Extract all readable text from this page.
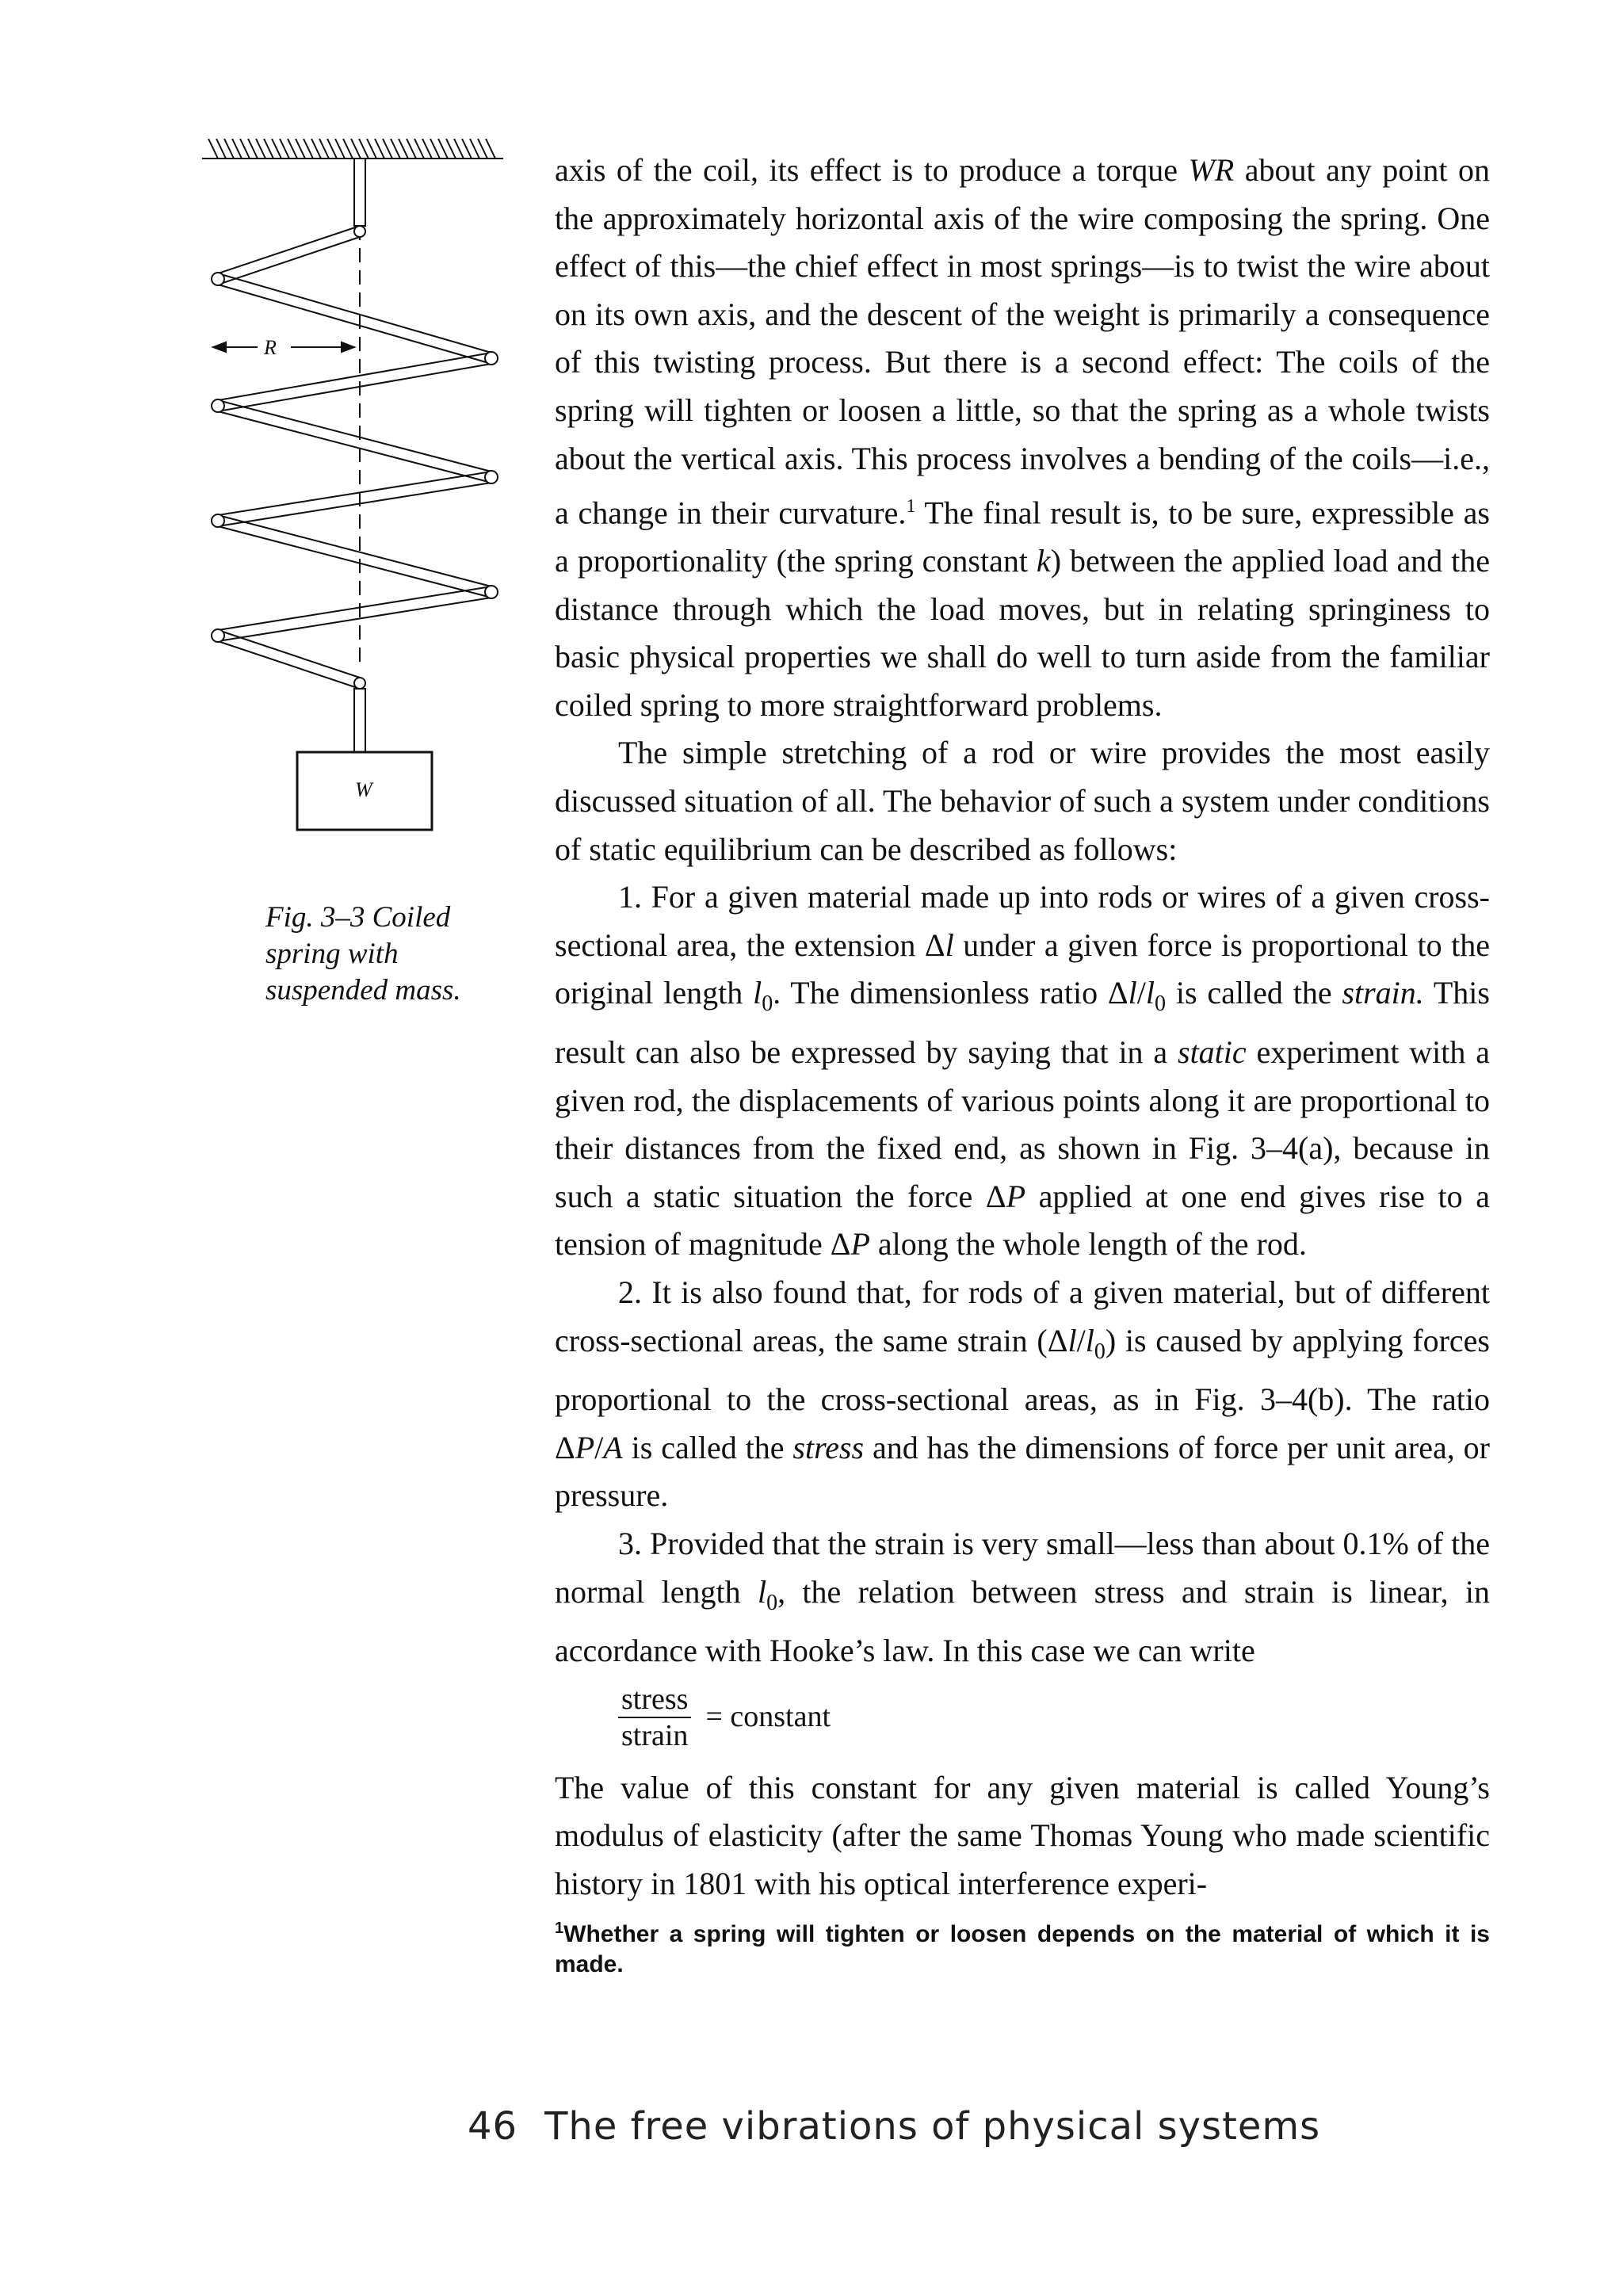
R
W
Fig. 3–3 Coiled spring with suspended mass.

axis of the coil, its effect is to produce a torque WR about any point on the approximately horizontal axis of the wire composing the spring. One effect of this—the chief effect in most springs—is to twist the wire about on its own axis, and the descent of the weight is primarily a consequence of this twisting process. But there is a second effect: The coils of the spring will tighten or loosen a little, so that the spring as a whole twists about the vertical axis. This process involves a bending of the coils—i.e., a change in their curvature.$^1$ The final result is, to be sure, expressible as a proportionality (the spring constant k) between the applied load and the distance through which the load moves, but in relating springiness to basic physical properties we shall do well to turn aside from the familiar coiled spring to more straightforward problems.

The simple stretching of a rod or wire provides the most easily discussed situation of all. The behavior of such a system under conditions of static equilibrium can be described as follows:

1. For a given material made up into rods or wires of a given cross-sectional area, the extension Δl under a given force is proportional to the original length $l_0$. The dimensionless ratio $\Delta l/l_0$ is called the strain. This result can also be expressed by saying that in a static experiment with a given rod, the displacements of various points along it are proportional to their distances from the fixed end, as shown in Fig. 3–4(a), because in such a static situation the force ΔP applied at one end gives rise to a tension of magnitude ΔP along the whole length of the rod.

2. It is also found that, for rods of a given material, but of different cross-sectional areas, the same strain $(\Delta l/l_0)$ is caused by applying forces proportional to the cross-sectional areas, as in Fig. 3–4(b). The ratio ΔP/A is called the stress and has the dimensions of force per unit area, or pressure.

3. Provided that the strain is very small—less than about 0.1% of the normal length $l_0$, the relation between stress and strain is linear, in accordance with Hooke’s law. In this case we can write

$\frac{\text{stress}}{\text{strain}}$ = constant

The value of this constant for any given material is called Young’s modulus of elasticity (after the same Thomas Young who made scientific history in 1801 with his optical interference experi-

$^1$Whether a spring will tighten or loosen depends on the material of which it is made.
46 The free vibrations of physical systems
